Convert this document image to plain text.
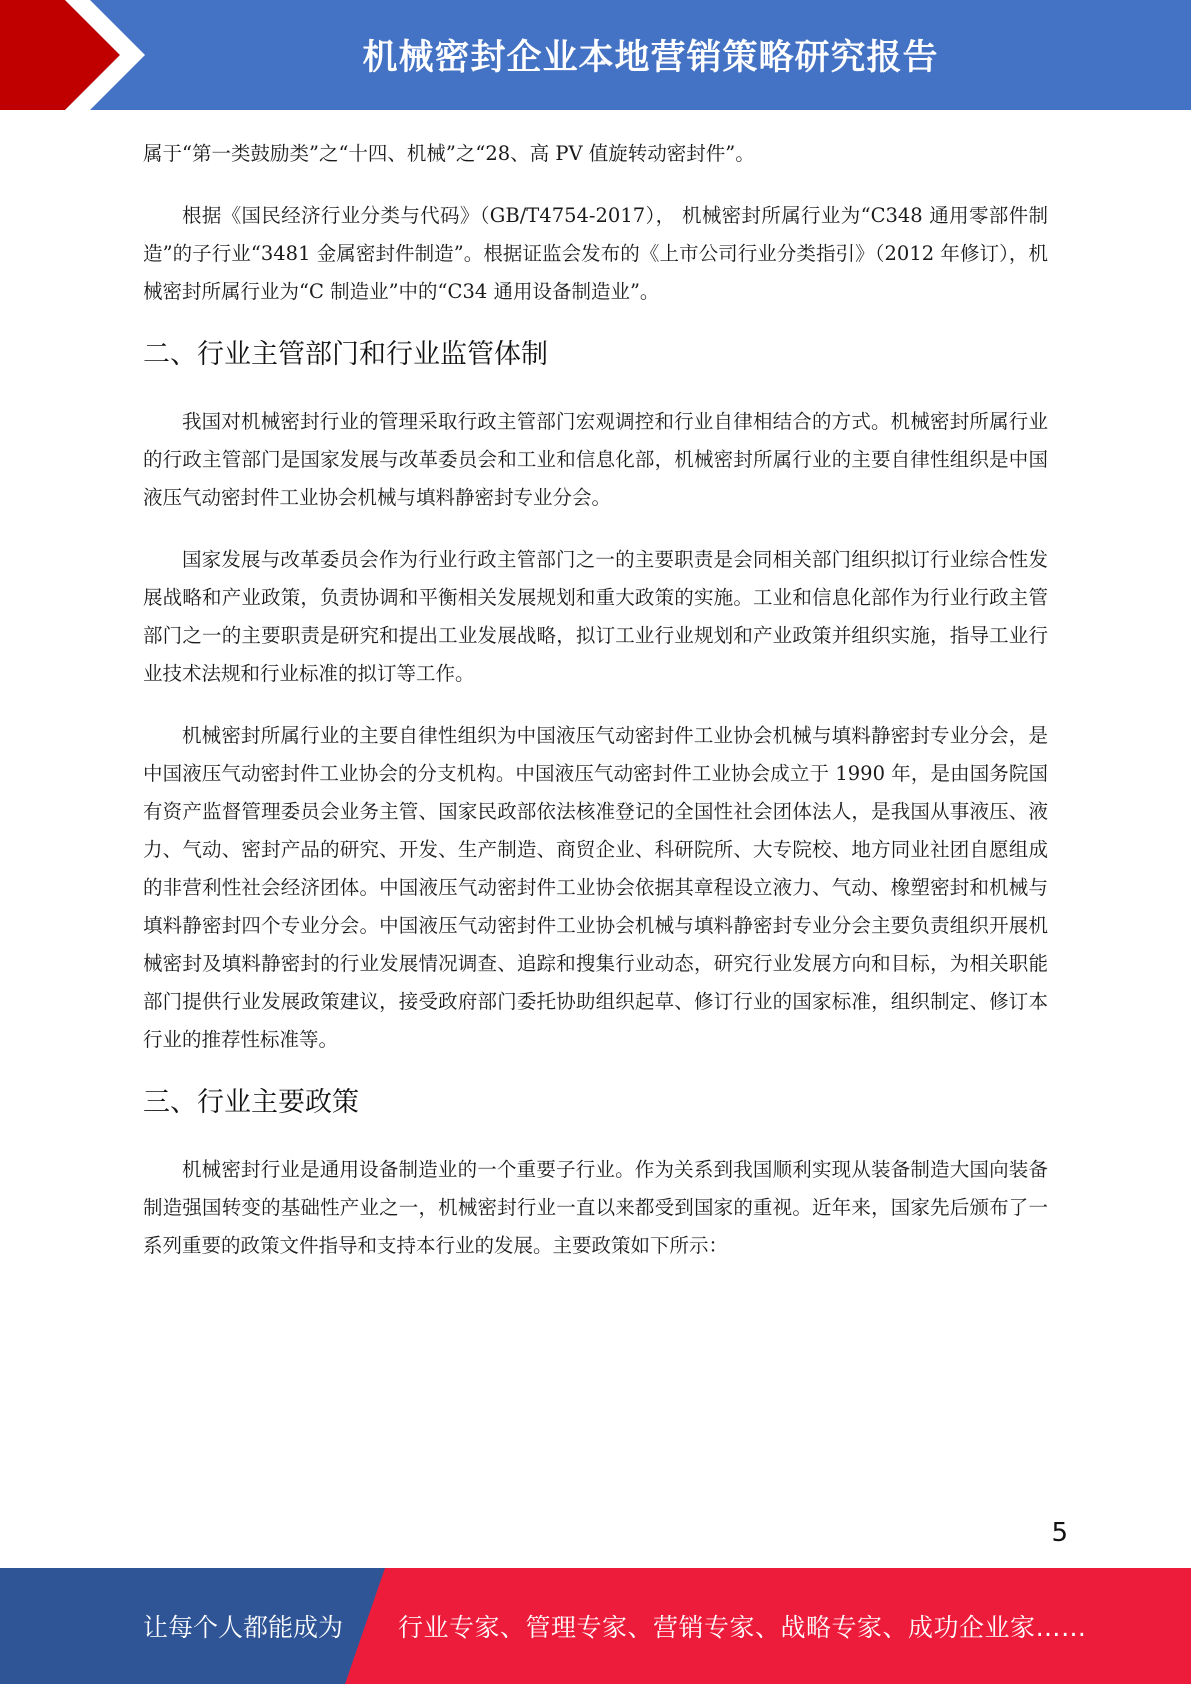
机械密封企业本地营销策略研究报告

属于“第一类鼓励类”之“十四、机械”之“28、高 PV 值旋转动密封件”。

根据《国民经济行业分类与代码》（GB/T4754-2017）， 机械密封所属行业为“C348 通用零部件制造”的子行业“3481 金属密封件制造”。根据证监会发布的《上市公司行业分类指引》（2012 年修订），机械密封所属行业为“C 制造业”中的“C34 通用设备制造业”。

二、行业主管部门和行业监管体制

我国对机械密封行业的管理采取行政主管部门宏观调控和行业自律相结合的方式。机械密封所属行业的行政主管部门是国家发展与改革委员会和工业和信息化部，机械密封所属行业的主要自律性组织是中国液压气动密封件工业协会机械与填料静密封专业分会。

国家发展与改革委员会作为行业行政主管部门之一的主要职责是会同相关部门组织拟订行业综合性发展战略和产业政策，负责协调和平衡相关发展规划和重大政策的实施。工业和信息化部作为行业行政主管部门之一的主要职责是研究和提出工业发展战略，拟订工业行业规划和产业政策并组织实施，指导工业行业技术法规和行业标准的拟订等工作。

机械密封所属行业的主要自律性组织为中国液压气动密封件工业协会机械与填料静密封专业分会，是中国液压气动密封件工业协会的分支机构。中国液压气动密封件工业协会成立于 1990 年，是由国务院国有资产监督管理委员会业务主管、国家民政部依法核准登记的全国性社会团体法人，是我国从事液压、液力、气动、密封产品的研究、开发、生产制造、商贸企业、科研院所、大专院校、地方同业社团自愿组成的非营利性社会经济团体。中国液压气动密封件工业协会依据其章程设立液力、气动、橡塑密封和机械与填料静密封四个专业分会。中国液压气动密封件工业协会机械与填料静密封专业分会主要负责组织开展机械密封及填料静密封的行业发展情况调查、追踪和搜集行业动态，研究行业发展方向和目标，为相关职能部门提供行业发展政策建议，接受政府部门委托协助组织起草、修订行业的国家标准，组织制定、修订本行业的推荐性标准等。

三、行业主要政策

机械密封行业是通用设备制造业的一个重要子行业。作为关系到我国顺利实现从装备制造大国向装备制造强国转变的基础性产业之一，机械密封行业一直以来都受到国家的重视。近年来，国家先后颁布了一系列重要的政策文件指导和支持本行业的发展。主要政策如下所示：

5
让每个人都能成为 行业专家、管理专家、营销专家、战略专家、成功企业家……
